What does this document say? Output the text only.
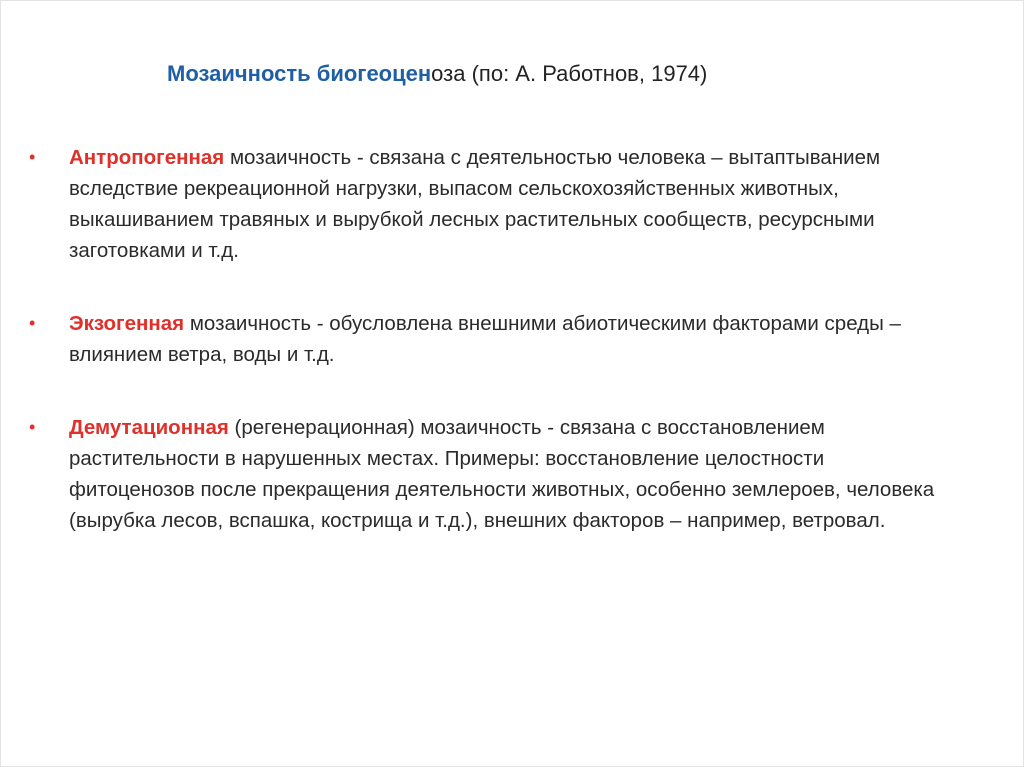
Мозаичность биогеоценоза (по: А. Работнов, 1974)
•	Антропогенная мозаичность - связана с деятельностью человека – вытаптыванием вследствие рекреационной нагрузки, выпасом сельскохозяйственных животных, выкашиванием травяных и вырубкой лесных растительных сообществ, ресурсными заготовками и т.д.
•	Экзогенная мозаичность - обусловлена внешними абиотическими факторами среды – влиянием ветра, воды и т.д.
•	Демутационная (регенерационная) мозаичность - связана с восстановлением растительности в нарушенных местах. Примеры: восстановление целостности фитоценозов после прекращения деятельности животных, особенно землероев, человека (вырубка лесов, вспашка, кострища и т.д.), внешних факторов – например, ветровал.
